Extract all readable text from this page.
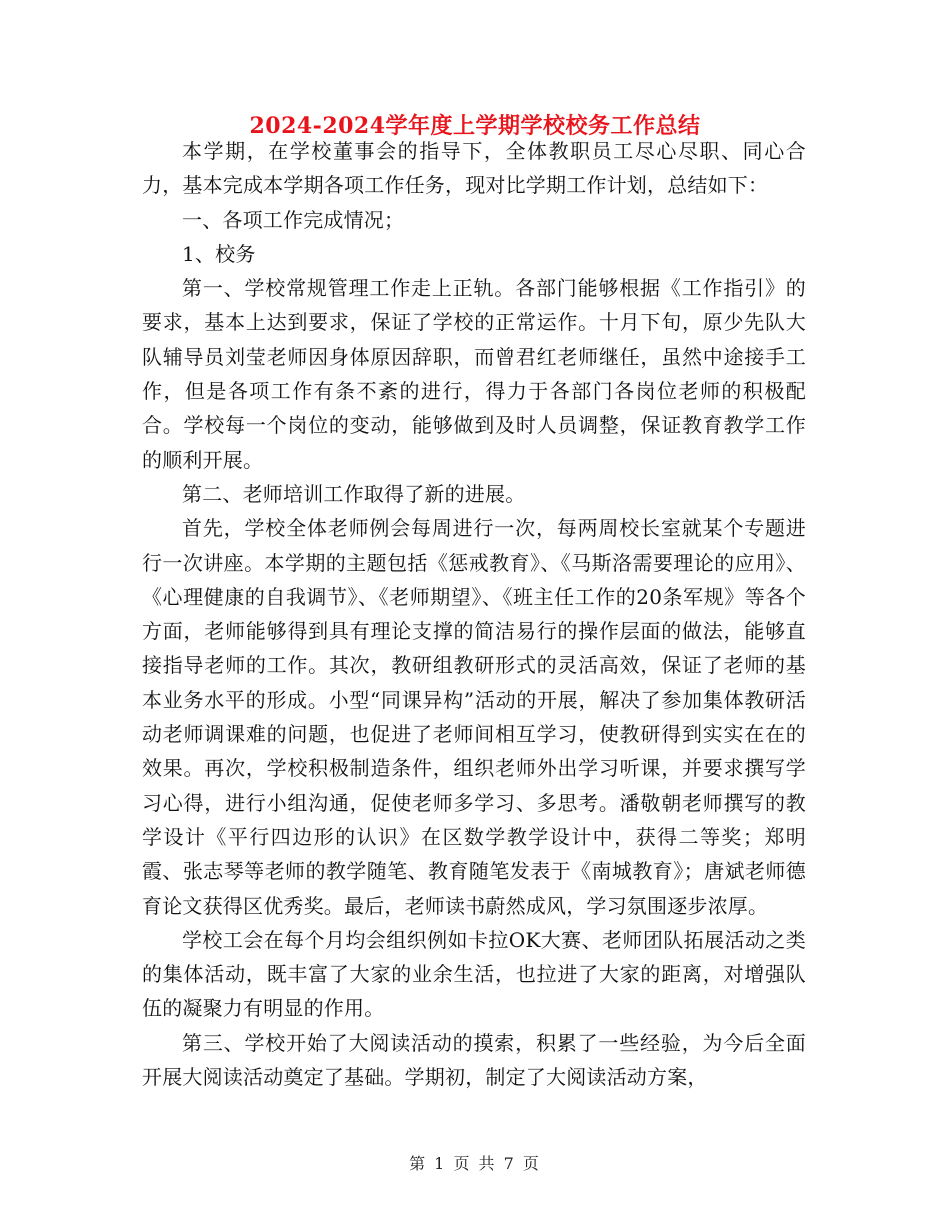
2024-2024学年度上学期学校校务工作总结

本学期，在学校董事会的指导下，全体教职员工尽心尽职、同心合力，基本完成本学期各项工作任务，现对比学期工作计划，总结如下：

一、各项工作完成情况；

1、校务

第一、学校常规管理工作走上正轨。各部门能够根据《工作指引》的要求，基本上达到要求，保证了学校的正常运作。十月下旬，原少先队大队辅导员刘莹老师因身体原因辞职，而曾君红老师继任，虽然中途接手工作，但是各项工作有条不紊的进行，得力于各部门各岗位老师的积极配合。学校每一个岗位的变动，能够做到及时人员调整，保证教育教学工作的顺利开展。

第二、老师培训工作取得了新的进展。

首先，学校全体老师例会每周进行一次，每两周校长室就某个专题进行一次讲座。本学期的主题包括《惩戒教育》、《马斯洛需要理论的应用》、《心理健康的自我调节》、《老师期望》、《班主任工作的20条军规》等各个方面，老师能够得到具有理论支撑的简洁易行的操作层面的做法，能够直接指导老师的工作。其次，教研组教研形式的灵活高效，保证了老师的基本业务水平的形成。小型“同课异构”活动的开展，解决了参加集体教研活动老师调课难的问题，也促进了老师间相互学习，使教研得到实实在在的效果。再次，学校积极制造条件，组织老师外出学习听课，并要求撰写学习心得，进行小组沟通，促使老师多学习、多思考。潘敬朝老师撰写的教学设计《平行四边形的认识》在区数学教学设计中，获得二等奖；郑明霞、张志琴等老师的教学随笔、教育随笔发表于《南城教育》；唐斌老师德育论文获得区优秀奖。最后，老师读书蔚然成风，学习氛围逐步浓厚。

学校工会在每个月均会组织例如卡拉OK大赛、老师团队拓展活动之类的集体活动，既丰富了大家的业余生活，也拉进了大家的距离，对增强队伍的凝聚力有明显的作用。

第三、学校开始了大阅读活动的摸索，积累了一些经验，为今后全面开展大阅读活动奠定了基础。学期初，制定了大阅读活动方案，

第 1 页 共 7 页
